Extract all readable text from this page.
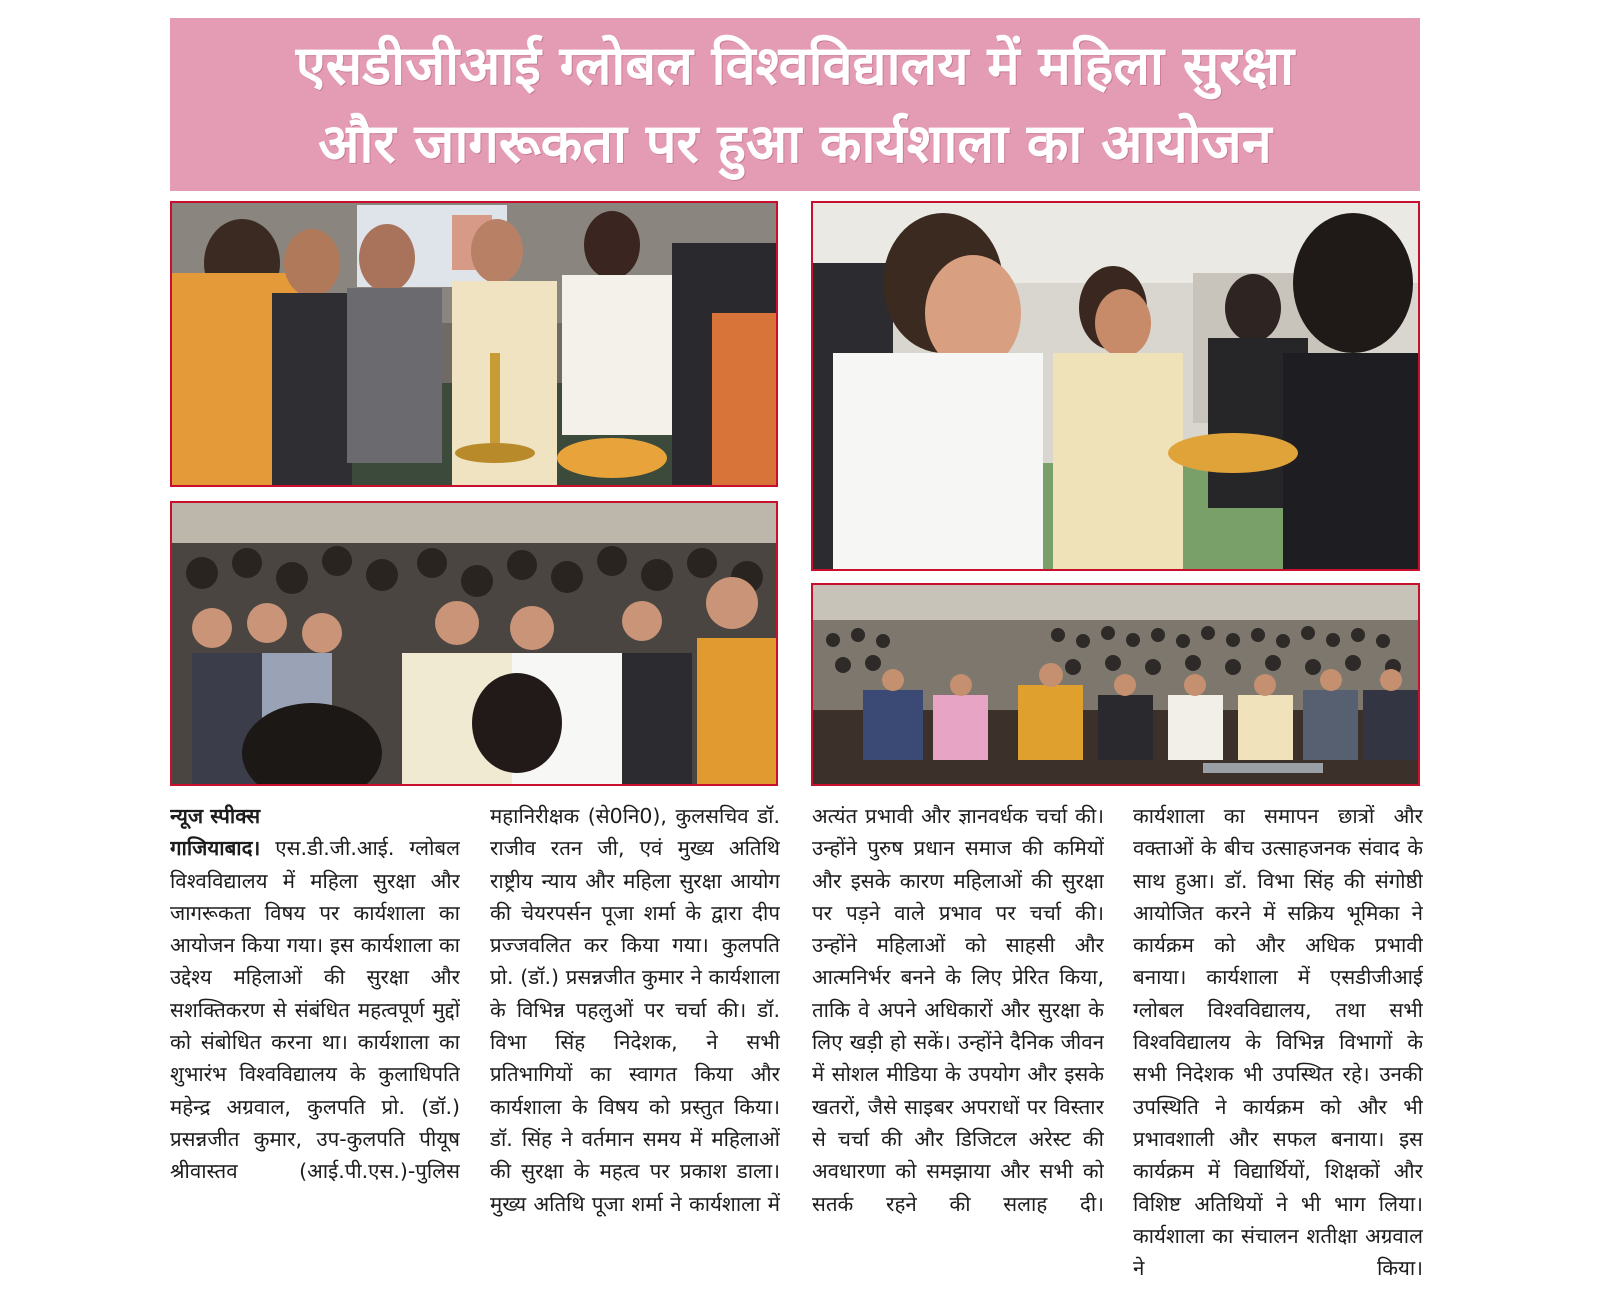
एसडीजीआई ग्लोबल विश्वविद्यालय में महिला सुरक्षा
और जागरूकता पर हुआ कार्यशाला का आयोजन
न्यूज स्पीक्स
गाजियाबाद। एस.डी.जी.आई. ग्लोबल विश्वविद्यालय में महिला सुरक्षा और जागरूकता विषय पर कार्यशाला का आयोजन किया गया। इस कार्यशाला का उद्देश्य महिलाओं की सुरक्षा और सशक्तिकरण से संबंधित महत्वपूर्ण मुद्दों को संबोधित करना था। कार्यशाला का शुभारंभ विश्वविद्यालय के कुलाधिपति महेन्द्र अग्रवाल, कुलपति प्रो. (डॉ.) प्रसन्नजीत कुमार, उप-कुलपति पीयूष श्रीवास्तव (आई.पी.एस.)-पुलिस
महानिरीक्षक (से0नि0), कुलसचिव डॉ. राजीव रतन जी, एवं मुख्य अतिथि राष्ट्रीय न्याय और महिला सुरक्षा आयोग की चेयरपर्सन पूजा शर्मा के द्वारा दीप प्रज्जवलित कर किया गया। कुलपति प्रो. (डॉ.) प्रसन्नजीत कुमार ने कार्यशाला के विभिन्न पहलुओं पर चर्चा की। डॉ. विभा सिंह निदेशक, ने सभी प्रतिभागियों का स्वागत किया और कार्यशाला के विषय को प्रस्तुत किया। डॉ. सिंह ने वर्तमान समय में महिलाओं की सुरक्षा के महत्व पर प्रकाश डाला। मुख्य अतिथि पूजा शर्मा ने कार्यशाला में
अत्यंत प्रभावी और ज्ञानवर्धक चर्चा की। उन्होंने पुरुष प्रधान समाज की कमियों और इसके कारण महिलाओं की सुरक्षा पर पड़ने वाले प्रभाव पर चर्चा की। उन्होंने महिलाओं को साहसी और आत्मनिर्भर बनने के लिए प्रेरित किया, ताकि वे अपने अधिकारों और सुरक्षा के लिए खड़ी हो सकें। उन्होंने दैनिक जीवन में सोशल मीडिया के उपयोग और इसके खतरों, जैसे साइबर अपराधों पर विस्तार से चर्चा की और डिजिटल अरेस्ट की अवधारणा को समझाया और सभी को सतर्क रहने की सलाह दी।
कार्यशाला का समापन छात्रों और वक्ताओं के बीच उत्साहजनक संवाद के साथ हुआ। डॉ. विभा सिंह की संगोष्ठी आयोजित करने में सक्रिय भूमिका ने कार्यक्रम को और अधिक प्रभावी बनाया। कार्यशाला में एसडीजीआई ग्लोबल विश्वविद्यालय, तथा सभी विश्वविद्यालय के विभिन्न विभागों के सभी निदेशक भी उपस्थित रहे। उनकी उपस्थिति ने कार्यक्रम को और भी प्रभावशाली और सफल बनाया। इस कार्यक्रम में विद्यार्थियों, शिक्षकों और विशिष्ट अतिथियों ने भी भाग लिया। कार्यशाला का संचालन शतीक्षा अग्रवाल ने किया।
